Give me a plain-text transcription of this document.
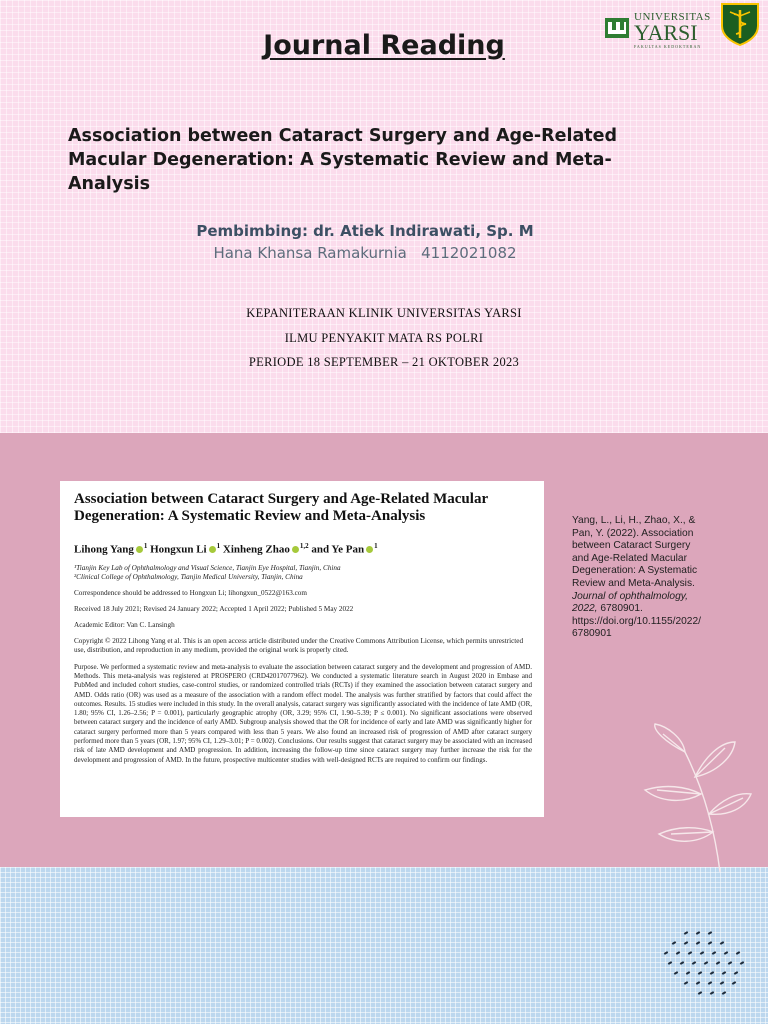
UNIVERSITAS
YARSI
FAKULTAS KEDOKTERAN
Journal Reading
Association between Cataract Surgery and Age-Related Macular Degeneration: A Systematic Review and Meta-Analysis
Pembimbing: dr. Atiek Indirawati, Sp. M
Hana Khansa Ramakurnia   4112021082
KEPANITERAAN KLINIK UNIVERSITAS YARSI
ILMU PENYAKIT MATA RS POLRI
PERIODE 18 SEPTEMBER – 21 OKTOBER 2023
Association between Cataract Surgery and Age-Related Macular Degeneration: A Systematic Review and Meta-Analysis
Lihong Yang $^1$ Hongxun Li $^1$ Xinheng Zhao $^{1,2}$ and Ye Pan $^1$
¹Tianjin Key Lab of Ophthalmology and Visual Science, Tianjin Eye Hospital, Tianjin, China
²Clinical College of Ophthalmology, Tianjin Medical University, Tianjin, China
Correspondence should be addressed to Hongxun Li; lihongxun_0522@163.com
Received 18 July 2021; Revised 24 January 2022; Accepted 1 April 2022; Published 5 May 2022
Academic Editor: Van C. Lansingh
Copyright © 2022 Lihong Yang et al. This is an open access article distributed under the Creative Commons Attribution License, which permits unrestricted use, distribution, and reproduction in any medium, provided the original work is properly cited.
Purpose. We performed a systematic review and meta-analysis to evaluate the association between cataract surgery and the development and progression of AMD. Methods. This meta-analysis was registered at PROSPERO (CRD42017077962). We conducted a systematic literature search in August 2020 in Embase and PubMed and included cohort studies, case-control studies, or randomized controlled trials (RCTs) if they examined the association between cataract surgery and AMD. Odds ratio (OR) was used as a measure of the association with a random effect model. The analysis was further stratified by factors that could affect the outcomes. Results. 15 studies were included in this study. In the overall analysis, cataract surgery was significantly associated with the incidence of late AMD (OR, 1.80; 95% CI, 1.26–2.56; P = 0.001), particularly geographic atrophy (OR, 3.29; 95% CI, 1.90–5.39; P ≤ 0.001). No significant associations were observed between cataract surgery and the incidence of early AMD. Subgroup analysis showed that the OR for incidence of early and late AMD was significantly higher for cataract surgery performed more than 5 years compared with less than 5 years. We also found an increased risk of progression of AMD after cataract surgery performed more than 5 years (OR, 1.97; 95% CI, 1.29–3.01; P = 0.002). Conclusions. Our results suggest that cataract surgery may be associated with an increased risk of late AMD development and AMD progression. In addition, increasing the follow-up time since cataract surgery may further increase the risk for the development and progression of AMD. In the future, prospective multicenter studies with well-designed RCTs are required to confirm our findings.
Yang, L., Li, H., Zhao, X., & Pan, Y. (2022). Association between Cataract Surgery and Age-Related Macular Degeneration: A Systematic Review and Meta-Analysis. Journal of ophthalmology, 2022, 6780901. https://doi.org/10.1155/2022/6780901
